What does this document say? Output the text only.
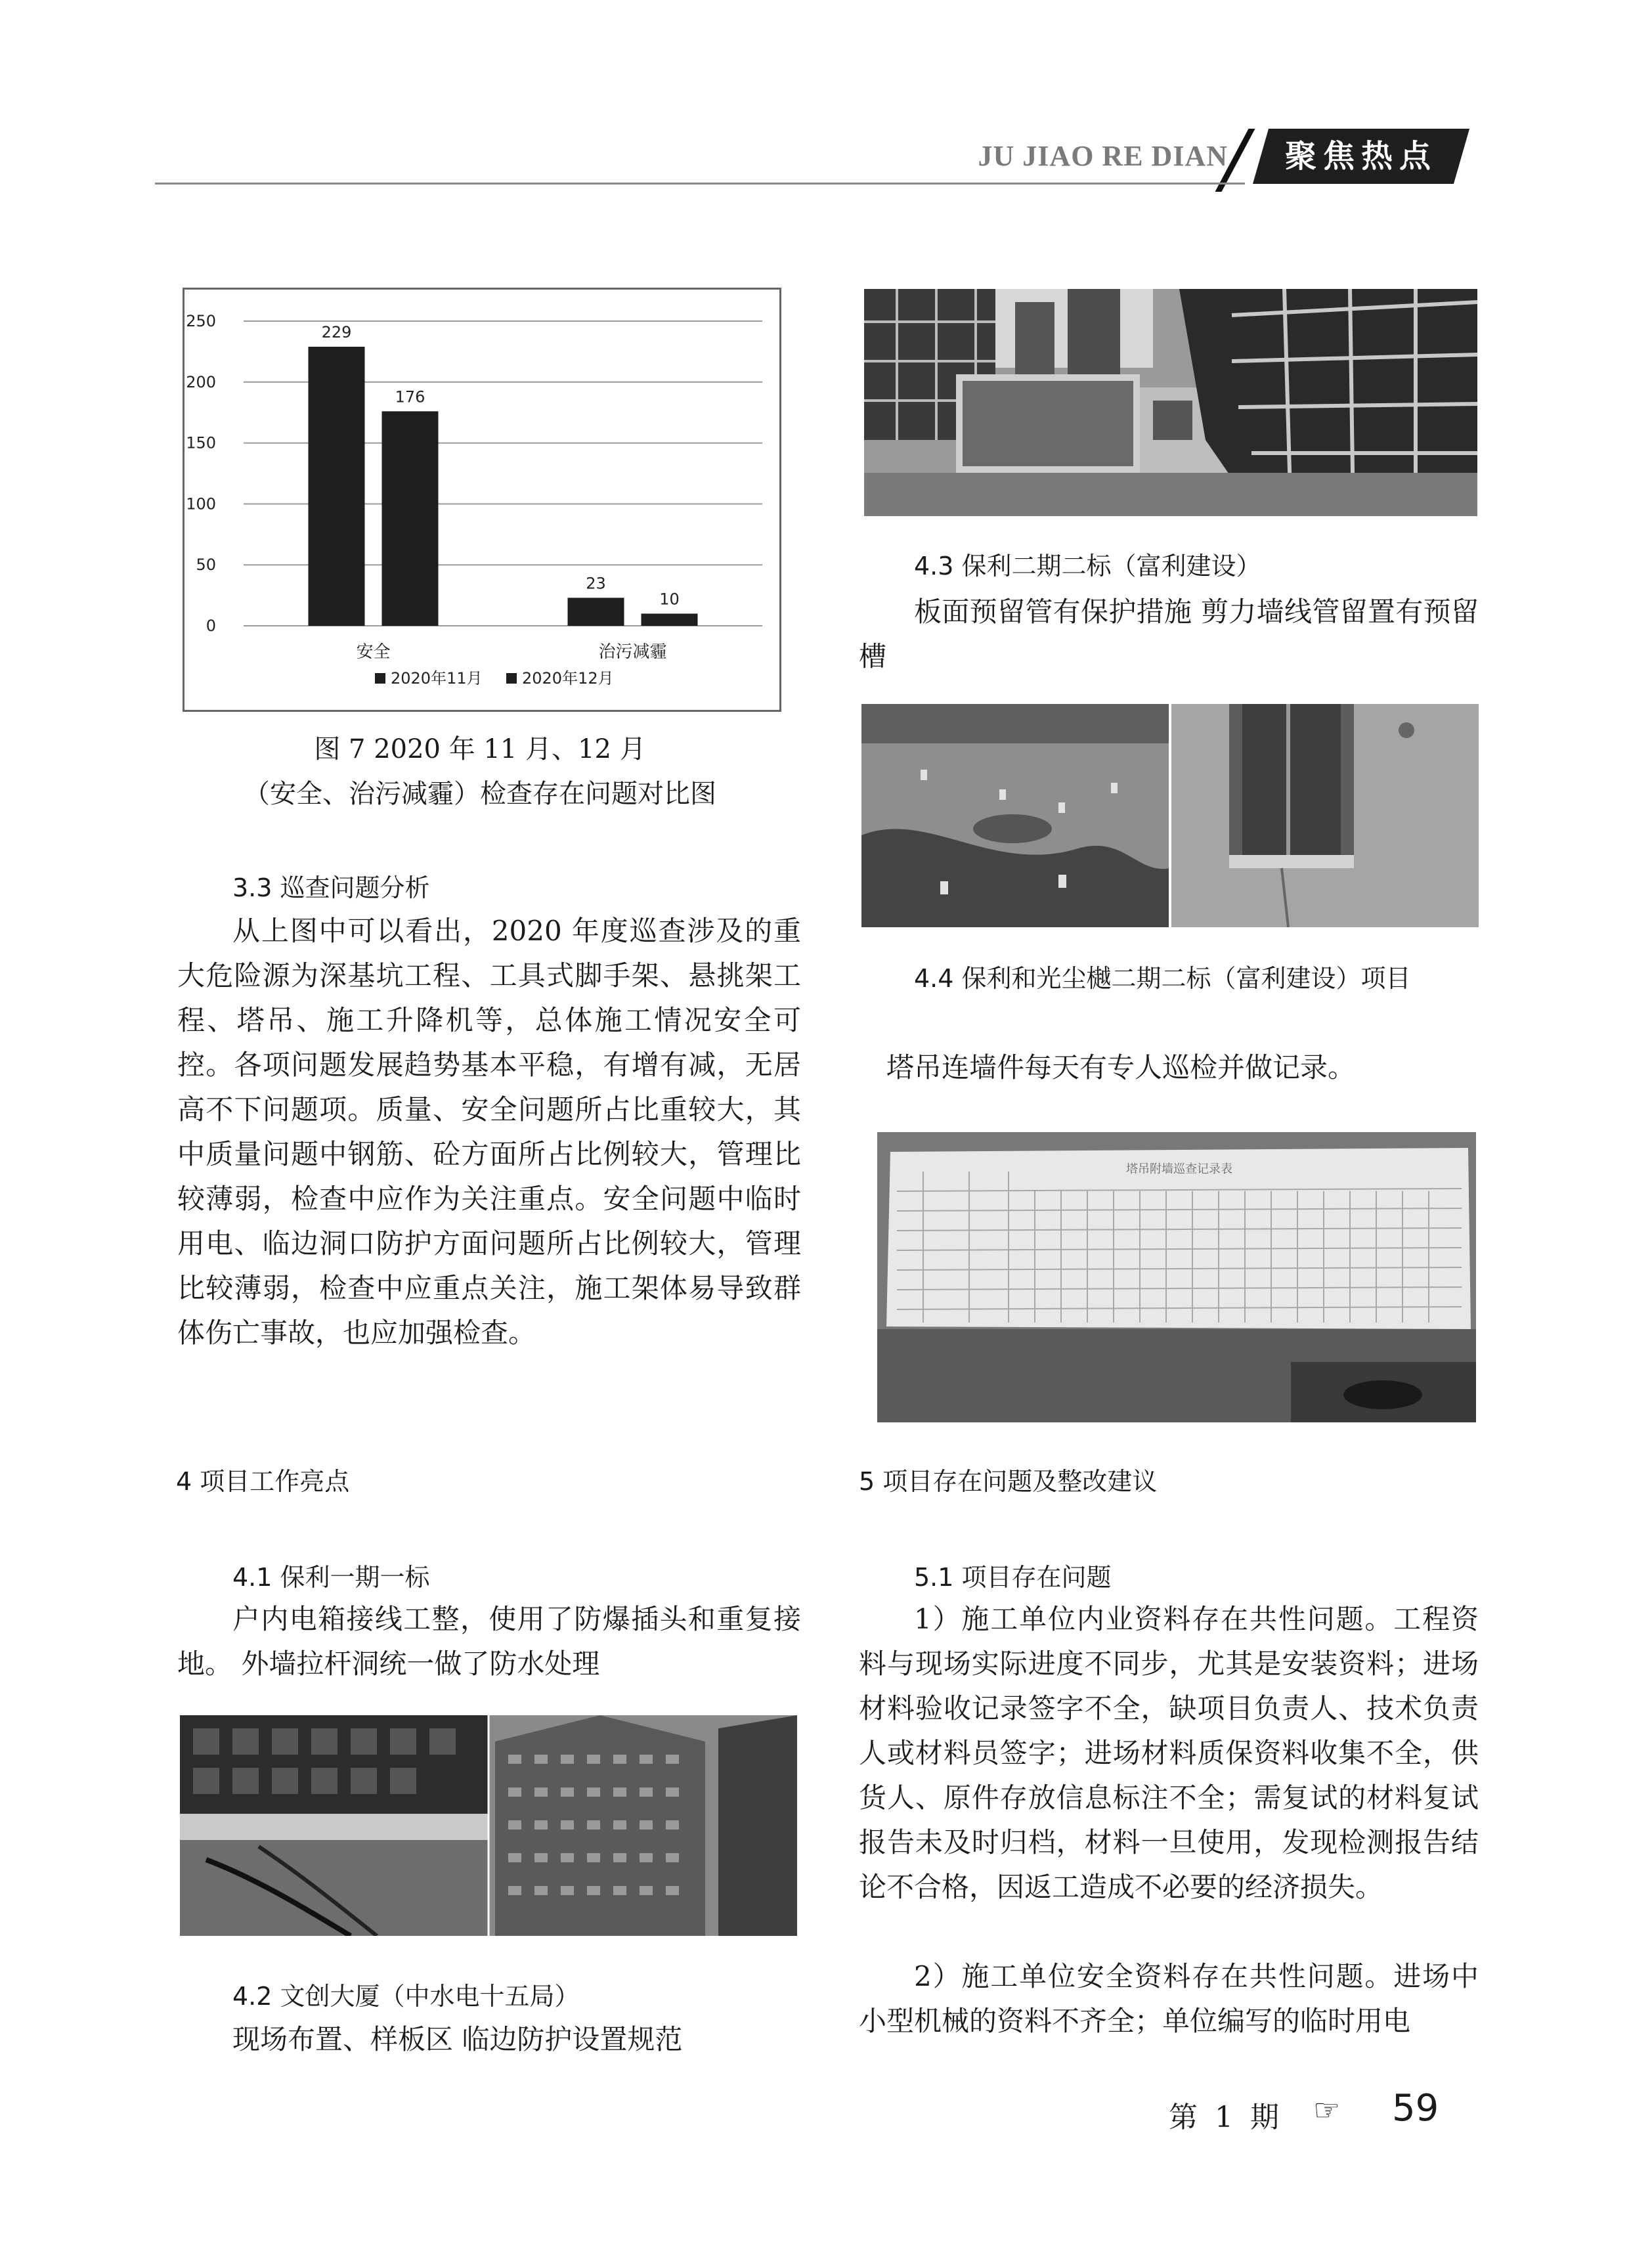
JU JIAO RE DIAN	聚焦热点
0
50
100
150
200
250
229
176
安全
23
10
治污减霾
2020年11月	2020年12月
图 7 2020 年 11 月、12 月
（安全、治污减霾）检查存在问题对比图
3.3 巡查问题分析
从上图中可以看出，2020 年度巡查涉及的重大危险源为深基坑工程、工具式脚手架、悬挑架工程、塔吊、施工升降机等，总体施工情况安全可控。各项问题发展趋势基本平稳，有增有减，无居高不下问题项。质量、安全问题所占比重较大，其中质量问题中钢筋、砼方面所占比例较大，管理比较薄弱，检查中应作为关注重点。安全问题中临时用电、临边洞口防护方面问题所占比例较大，管理比较薄弱，检查中应重点关注，施工架体易导致群体伤亡事故，也应加强检查。
4 项目工作亮点
4.1 保利一期一标
户内电箱接线工整，使用了防爆插头和重复接地。 外墙拉杆洞统一做了防水处理
4.2 文创大厦（中水电十五局）
现场布置、样板区 临边防护设置规范
4.3 保利二期二标（富利建设）
板面预留管有保护措施 剪力墙线管留置有预留槽
4.4 保利和光尘樾二期二标（富利建设）项目
塔吊连墙件每天有专人巡检并做记录。
塔吊附墙巡查记录表
5 项目存在问题及整改建议
5.1 项目存在问题
1）施工单位内业资料存在共性问题。工程资料与现场实际进度不同步，尤其是安装资料；进场材料验收记录签字不全，缺项目负责人、技术负责人或材料员签字；进场材料质保资料收集不全，供货人、原件存放信息标注不全；需复试的材料复试报告未及时归档，材料一旦使用，发现检测报告结论不合格，因返工造成不必要的经济损失。
2）施工单位安全资料存在共性问题。进场中小型机械的资料不齐全；单位编写的临时用电
第 1 期 ☞ 59
